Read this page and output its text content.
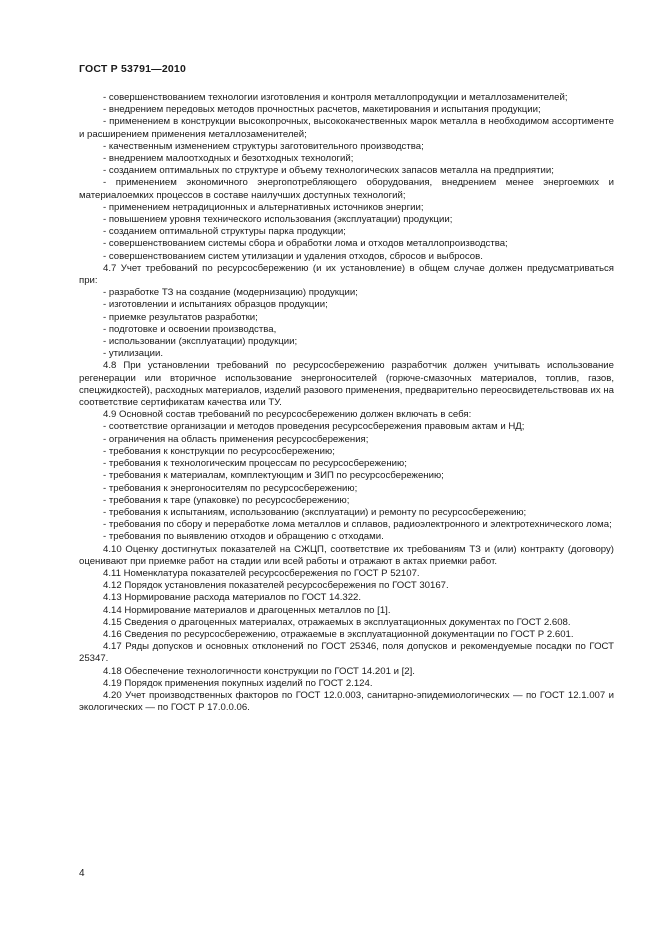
ГОСТ Р 53791—2010

- совершенствованием технологии изготовления и контроля металлопродукции и металлозаменителей;

- внедрением передовых методов прочностных расчетов, макетирования и испытания продукции;

- применением в конструкции высокопрочных, высококачественных марок металла в необходимом ассортименте и расширением применения металлозаменителей;

- качественным изменением структуры заготовительного производства;

- внедрением малоотходных и безотходных технологий;

- созданием оптимальных по структуре и объему технологических запасов металла на предприятии;

- применением экономичного энергопотребляющего оборудования, внедрением менее энергоемких и материалоемких процессов в составе наилучших доступных технологий;

- применением нетрадиционных и альтернативных источников энергии;

- повышением уровня технического использования (эксплуатации) продукции;

- созданием оптимальной структуры парка продукции;

- совершенствованием системы сбора и обработки лома и отходов металлопроизводства;

- совершенствованием систем утилизации и удаления отходов, сбросов и выбросов.

4.7 Учет требований по ресурсосбережению (и их установление) в общем случае должен предусматриваться при:

- разработке ТЗ на создание (модернизацию) продукции;

- изготовлении и испытаниях образцов продукции;

- приемке результатов разработки;

- подготовке и освоении производства,

- использовании (эксплуатации) продукции;

- утилизации.

4.8 При установлении требований по ресурсосбережению разработчик должен учитывать использование регенерации или вторичное использование энергоносителей (горюче-смазочных материалов, топлив, газов, спецжидкостей), расходных материалов, изделий разового применения, предварительно переосвидетельствовав их на соответствие сертификатам качества или ТУ.

4.9 Основной состав требований по ресурсосбережению должен включать в себя:

- соответствие организации и методов проведения ресурсосбережения правовым актам и НД;

- ограничения на область применения ресурсосбережения;

- требования к конструкции по ресурсосбережению;

- требования к технологическим процессам по ресурсосбережению;

- требования к материалам, комплектующим и ЗИП по ресурсосбережению;

- требования к энергоносителям по ресурсосбережению;

- требования к таре (упаковке) по ресурсосбережению;

- требования к испытаниям, использованию (эксплуатации) и ремонту по ресурсосбережению;

- требования по сбору и переработке лома металлов и сплавов, радиоэлектронного и электротехнического лома;

- требования по выявлению отходов и обращению с отходами.

4.10 Оценку достигнутых показателей на СЖЦП, соответствие их требованиям ТЗ и (или) контракту (договору) оценивают при приемке работ на стадии или всей работы и отражают в актах приемки работ.

4.11 Номенклатура показателей ресурсосбережения по ГОСТ Р 52107.

4.12 Порядок установления показателей ресурсосбережения по ГОСТ 30167.

4.13 Нормирование расхода материалов по ГОСТ 14.322.

4.14 Нормирование материалов и драгоценных металлов по [1].

4.15 Сведения о драгоценных материалах, отражаемых в эксплуатационных документах по ГОСТ 2.608.

4.16 Сведения по ресурсосбережению, отражаемые в эксплуатационной документации по ГОСТ Р 2.601.

4.17 Ряды допусков и основных отклонений по ГОСТ 25346, поля допусков и рекомендуемые посадки по ГОСТ 25347.

4.18 Обеспечение технологичности конструкции по ГОСТ 14.201 и [2].

4.19 Порядок применения покупных изделий по ГОСТ 2.124.

4.20 Учет производственных факторов по ГОСТ 12.0.003, санитарно-эпидемиологических — по ГОСТ 12.1.007 и экологических — по ГОСТ Р 17.0.0.06.

4
